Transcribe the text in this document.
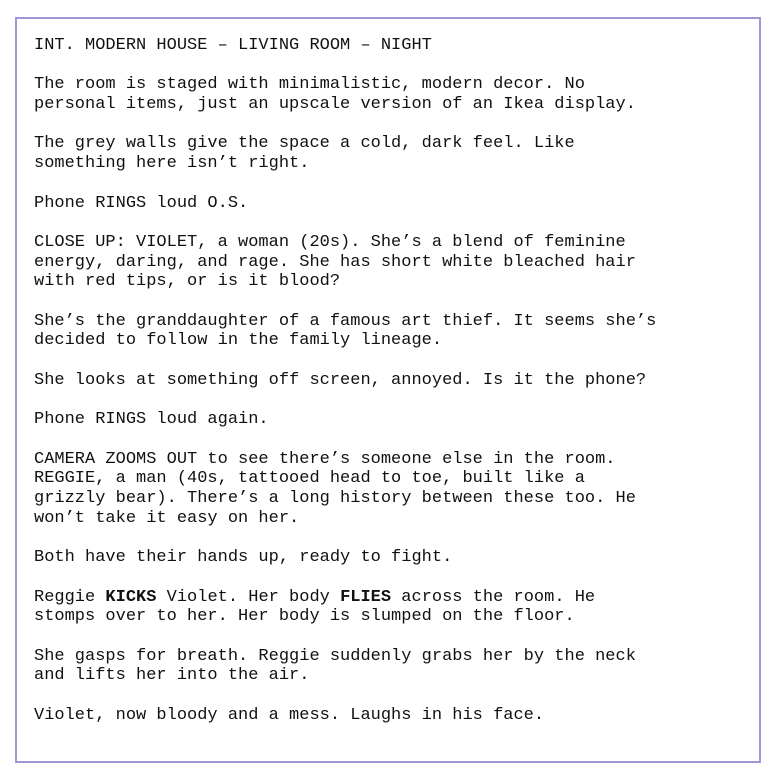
INT. MODERN HOUSE – LIVING ROOM – NIGHT
The room is staged with minimalistic, modern decor. No
personal items, just an upscale version of an Ikea display.
The grey walls give the space a cold, dark feel. Like
something here isn’t right.
Phone RINGS loud O.S.
CLOSE UP: VIOLET, a woman (20s). She’s a blend of feminine
energy, daring, and rage. She has short white bleached hair
with red tips, or is it blood?
She’s the granddaughter of a famous art thief. It seems she’s
decided to follow in the family lineage.
She looks at something off screen, annoyed. Is it the phone?
Phone RINGS loud again.
CAMERA ZOOMS OUT to see there’s someone else in the room.
REGGIE, a man (40s, tattooed head to toe, built like a
grizzly bear). There’s a long history between these too. He
won’t take it easy on her.
Both have their hands up, ready to fight.
Reggie KICKS Violet. Her body FLIES across the room. He
stomps over to her. Her body is slumped on the floor.
She gasps for breath. Reggie suddenly grabs her by the neck
and lifts her into the air.
Violet, now bloody and a mess. Laughs in his face.
